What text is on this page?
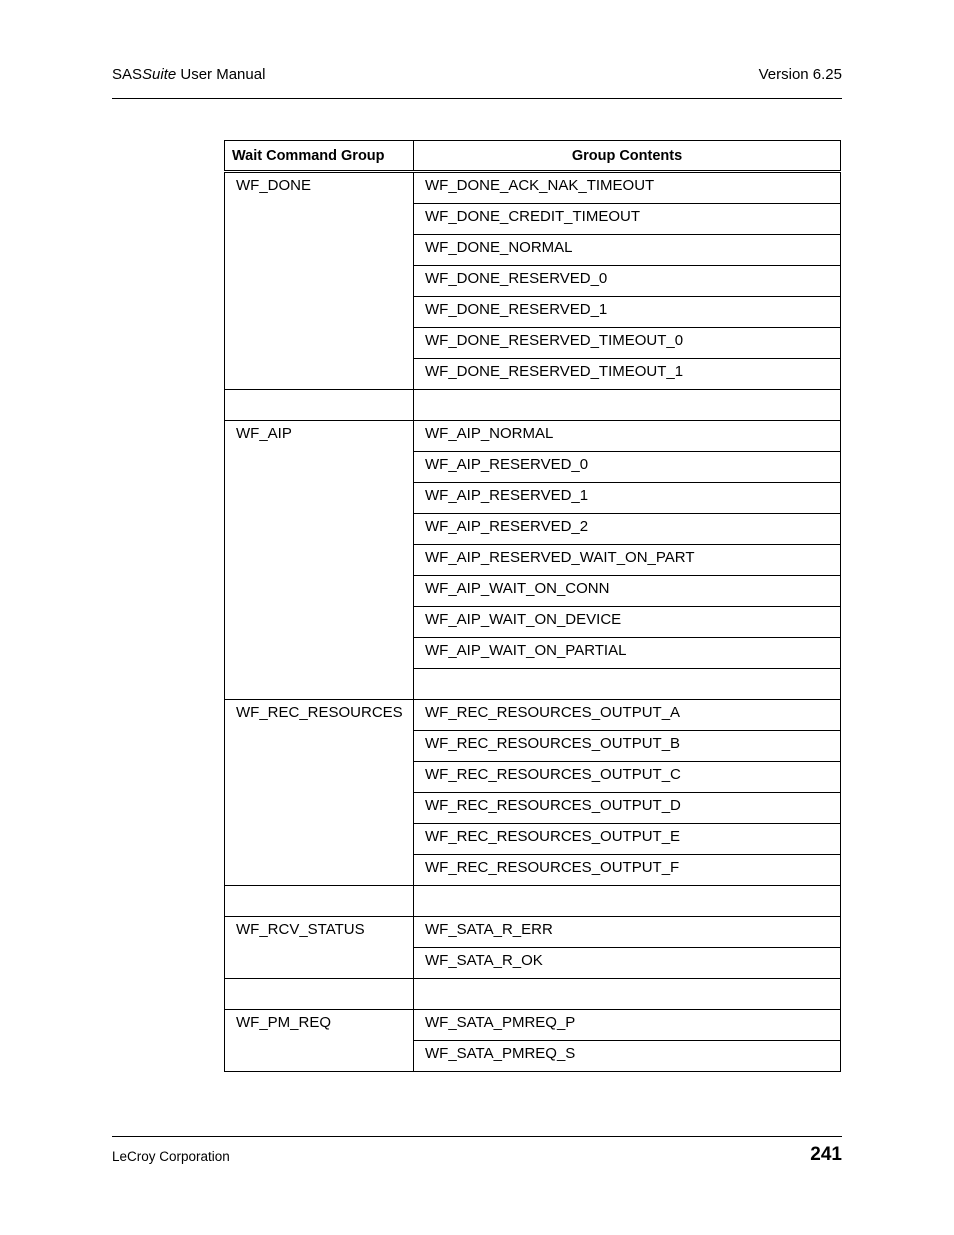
SASSuite User Manual	Version 6.25
Wait Command Group	Group Contents

WF_DONE	WF_DONE_ACK_NAK_TIMEOUT

	WF_DONE_CREDIT_TIMEOUT

	WF_DONE_NORMAL

	WF_DONE_RESERVED_0

	WF_DONE_RESERVED_1

	WF_DONE_RESERVED_TIMEOUT_0

	WF_DONE_RESERVED_TIMEOUT_1

WF_AIP	WF_AIP_NORMAL

	WF_AIP_RESERVED_0

	WF_AIP_RESERVED_1

	WF_AIP_RESERVED_2

	WF_AIP_RESERVED_WAIT_ON_PART

	WF_AIP_WAIT_ON_CONN

	WF_AIP_WAIT_ON_DEVICE

	WF_AIP_WAIT_ON_PARTIAL

WF_REC_RESOURCES	WF_REC_RESOURCES_OUTPUT_A

	WF_REC_RESOURCES_OUTPUT_B

	WF_REC_RESOURCES_OUTPUT_C

	WF_REC_RESOURCES_OUTPUT_D

	WF_REC_RESOURCES_OUTPUT_E

	WF_REC_RESOURCES_OUTPUT_F

WF_RCV_STATUS	WF_SATA_R_ERR

	WF_SATA_R_OK

WF_PM_REQ	WF_SATA_PMREQ_P

	WF_SATA_PMREQ_S
LeCroy Corporation	241
